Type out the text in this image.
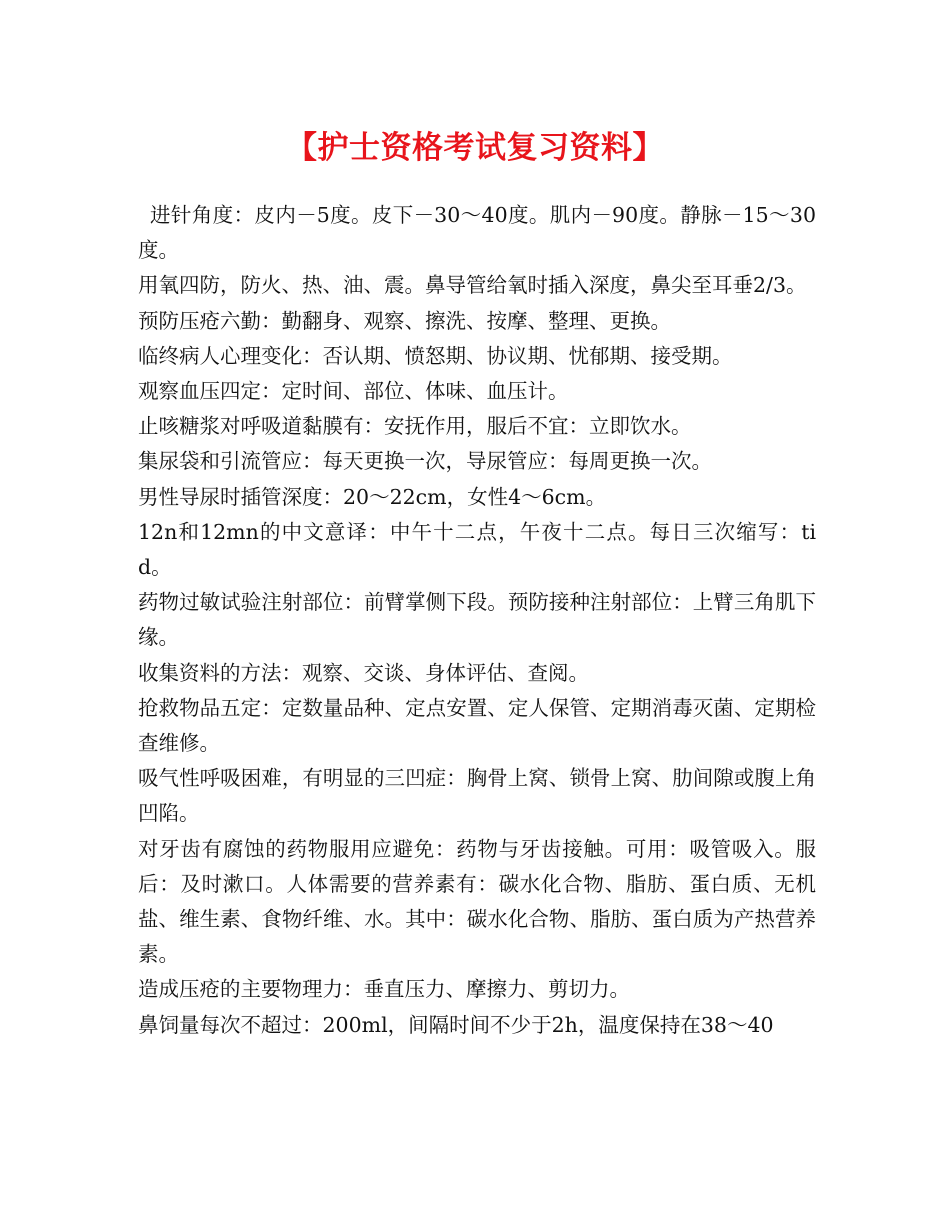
【护士资格考试复习资料】

进针角度：皮内－5度。皮下－30～40度。肌内－90度。静脉－15～30度。

用氧四防，防火、热、油、震。鼻导管给氧时插入深度，鼻尖至耳垂2/3。

预防压疮六勤：勤翻身、观察、擦洗、按摩、整理、更换。

临终病人心理变化：否认期、愤怒期、协议期、忧郁期、接受期。

观察血压四定：定时间、部位、体味、血压计。

止咳糖浆对呼吸道黏膜有：安抚作用，服后不宜：立即饮水。

集尿袋和引流管应：每天更换一次，导尿管应：每周更换一次。

男性导尿时插管深度：20～22cm，女性4～6cm。

12n和12mn的中文意译：中午十二点，午夜十二点。每日三次缩写：tid。

药物过敏试验注射部位：前臂掌侧下段。预防接种注射部位：上臂三角肌下缘。

收集资料的方法：观察、交谈、身体评估、查阅。

抢救物品五定：定数量品种、定点安置、定人保管、定期消毒灭菌、定期检查维修。

吸气性呼吸困难，有明显的三凹症：胸骨上窝、锁骨上窝、肋间隙或腹上角凹陷。

对牙齿有腐蚀的药物服用应避免：药物与牙齿接触。可用：吸管吸入。服后：及时漱口。人体需要的营养素有：碳水化合物、脂肪、蛋白质、无机盐、维生素、食物纤维、水。其中：碳水化合物、脂肪、蛋白质为产热营养素。

造成压疮的主要物理力：垂直压力、摩擦力、剪切力。

鼻饲量每次不超过：200ml，间隔时间不少于2h，温度保持在38～40
